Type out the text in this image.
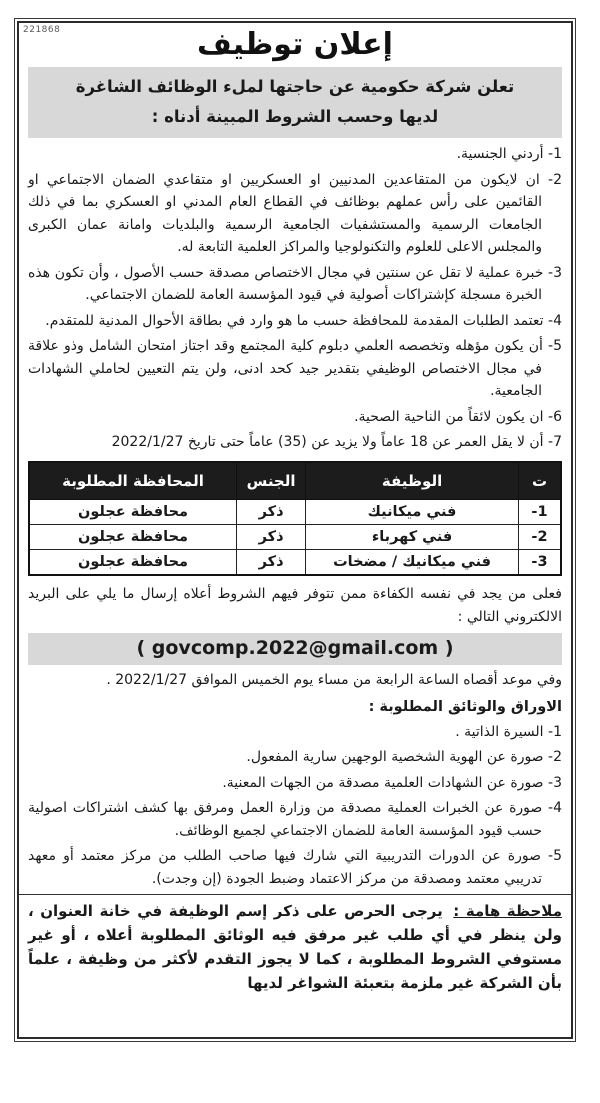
221868	إعلان توظيف
تعلن شركة حكومية عن حاجتها لملء الوظائف الشاغرة لديها وحسب الشروط المبينة أدناه :
1- أردني الجنسية.
2- ان لايكون من المتقاعدين المدنيين او العسكريين او متقاعدي الضمان الاجتماعي او القائمين على رأس عملهم بوظائف في القطاع العام المدني او العسكري بما في ذلك الجامعات الرسمية والمستشفيات الجامعية الرسمية والبلديات وامانة عمان الكبرى والمجلس الاعلى للعلوم والتكنولوجيا والمراكز العلمية التابعة له.
3- خبرة عملية لا تقل عن سنتين في مجال الاختصاص مصدقة حسب الأصول ، وأن تكون هذه الخبرة مسجلة كإشتراكات أصولية في قيود المؤسسة العامة للضمان الاجتماعي.
4- تعتمد الطلبات المقدمة للمحافظة حسب ما هو وارد في بطاقة الأحوال المدنية للمتقدم.
5- أن يكون مؤهله وتخصصه العلمي دبلوم كلية المجتمع وقد اجتاز امتحان الشامل وذو علاقة في مجال الاختصاص الوظيفي بتقدير جيد كحد ادنى، ولن يتم التعيين لحاملي الشهادات الجامعية.
6- ان يكون لائقاً من الناحية الصحية.
7- أن لا يقل العمر عن 18 عاماً ولا يزيد عن (35) عاماً حتى تاريخ 2022/1/27
ت	الوظيفة	الجنس	المحافظة المطلوبة
1-	فني ميكانيك	ذكر	محافظة عجلون
2-	فني كهرباء	ذكر	محافظة عجلون
3-	فني ميكانيك / مضخات	ذكر	محافظة عجلون

فعلى من يجد في نفسه الكفاءة ممن تتوفر فيهم الشروط أعلاه إرسال ما يلي على البريد الالكتروني التالي :

( govcomp.2022@gmail.com )

وفي موعد أقصاه الساعة الرابعة من مساء يوم الخميس الموافق 2022/1/27 .

الاوراق والوثائق المطلوبة :

1- السيرة الذاتية .
2- صورة عن الهوية الشخصية الوجهين سارية المفعول.
3- صورة عن الشهادات العلمية مصدقة من الجهات المعنية.
4- صورة عن الخبرات العملية مصدقة من وزارة العمل ومرفق بها كشف اشتراكات اصولية حسب قيود المؤسسة العامة للضمان الاجتماعي لجميع الوظائف.
5- صورة عن الدورات التدريبية التي شارك فيها صاحب الطلب من مركز معتمد أو معهد تدريبي معتمد ومصدقة من مركز الاعتماد وضبط الجودة (إن وجدت).

ملاحظة هامة : يرجى الحرص على ذكر إسم الوظيفة في خانة العنوان ، ولن ينظر في أي طلب غير مرفق فيه الوثائق المطلوبة أعلاه ، أو غير مستوفي الشروط المطلوبة ، كما لا يجوز التقدم لأكثر من وظيفة ، علماً بأن الشركة غير ملزمة بتعبئة الشواغر لديها
